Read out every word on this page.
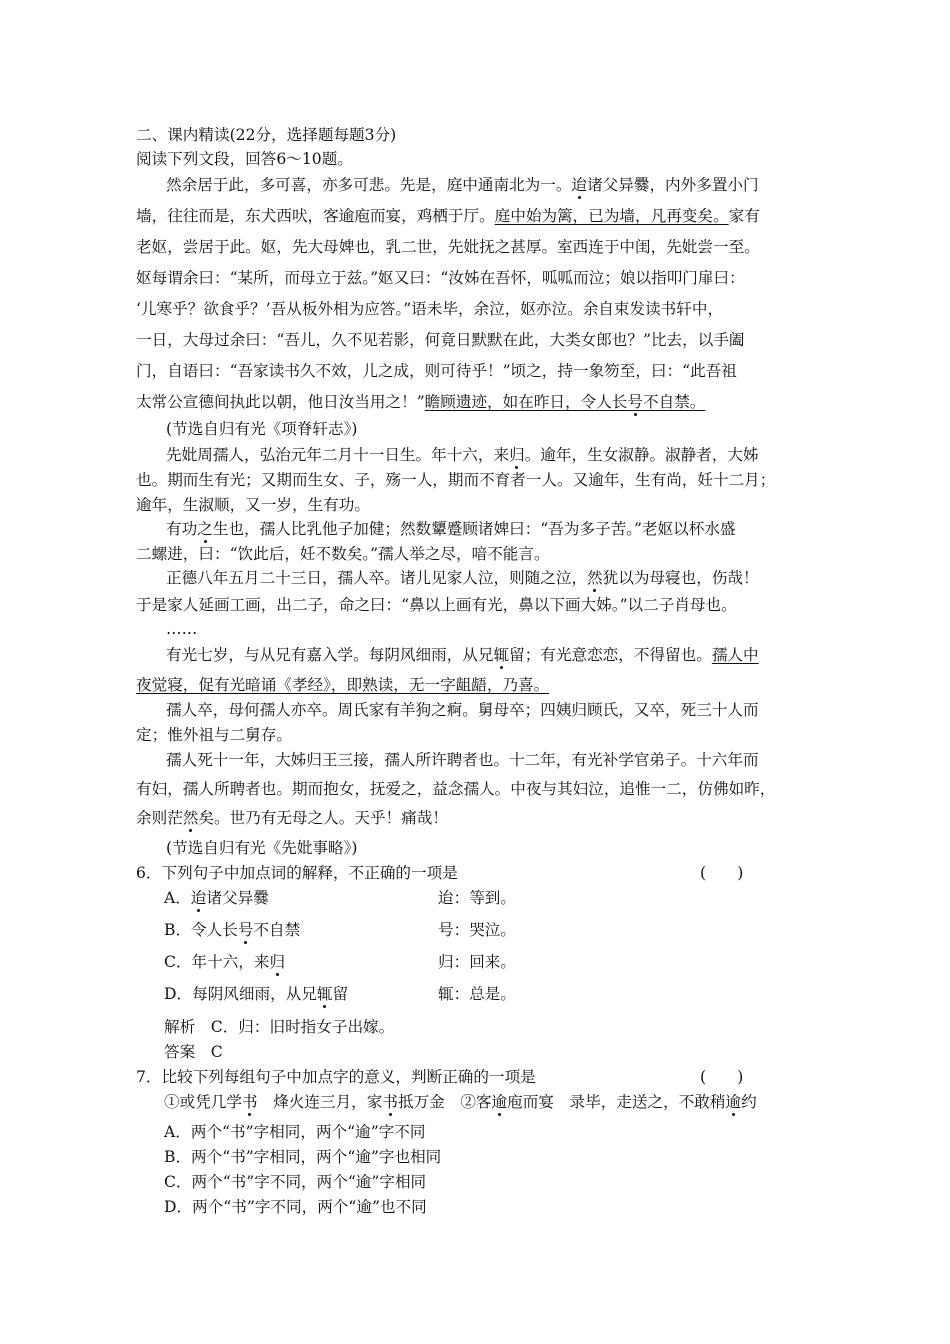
二、课内精读(22分，选择题每题3分)
阅读下列文段，回答6～10题。
然余居于此，多可喜，亦多可悲。先是，庭中通南北为一。迨诸父异爨，内外多置小门
墙，往往而是，东犬西吠，客逾庖而宴，鸡栖于厅。庭中始为篱，已为墙，凡再变矣。家有
老妪，尝居于此。妪，先大母婢也，乳二世，先妣抚之甚厚。室西连于中闺，先妣尝一至。
妪每谓余曰：“某所，而母立于兹。”妪又曰：“汝姊在吾怀，呱呱而泣；娘以指叩门扉曰：
‘儿寒乎？欲食乎？’吾从板外相为应答。”语未毕，余泣，妪亦泣。余自束发读书轩中，
一日，大母过余曰：“吾儿，久不见若影，何竟日默默在此，大类女郎也？”比去，以手阖
门，自语曰：“吾家读书久不效，儿之成，则可待乎！”顷之，持一象笏至，曰：“此吾祖
太常公宣德间执此以朝，他日汝当用之！”瞻顾遗迹，如在昨日，令人长号不自禁。
(节选自归有光《项脊轩志》)
先妣周孺人，弘治元年二月十一日生。年十六，来归。逾年，生女淑静。淑静者，大姊
也。期而生有光；又期而生女、子，殇一人，期而不育者一人。又逾年，生有尚，妊十二月；
逾年，生淑顺，又一岁，生有功。
有功之生也，孺人比乳他子加健；然数顰蹙顾诸婢曰：“吾为多子苦。”老妪以杯水盛
二螺进，曰：“饮此后，妊不数矣。”孺人举之尽，喑不能言。
正德八年五月二十三日，孺人卒。诸儿见家人泣，则随之泣，然犹以为母寝也，伤哉！
于是家人延画工画，出二子，命之曰：“鼻以上画有光，鼻以下画大姊。”以二子肖母也。
……
有光七岁，与从兄有嘉入学。每阴风细雨，从兄辄留；有光意恋恋，不得留也。孺人中
夜觉寝，促有光暗诵《孝经》，即熟读，无一字龃龉，乃喜。
孺人卒，母何孺人亦卒。周氏家有羊狗之痾。舅母卒；四姨归顾氏，又卒，死三十人而
定；惟外祖与二舅存。
孺人死十一年，大姊归王三接，孺人所许聘者也。十二年，有光补学官弟子。十六年而
有妇，孺人所聘者也。期而抱女，抚爱之，益念孺人。中夜与其妇泣，追惟一二，仿佛如昨，
余则茫然矣。世乃有无母之人。天乎！痛哉！
(节选自归有光《先妣事略》)
6．下列句子中加点词的解释，不正确的一项是	(　　)
A．迨诸父异爨	迨：等到。
B．令人长号不自禁	号：哭泣。
C．年十六，来归	归：回来。
D．每阴风细雨，从兄辄留	辄：总是。
解析　C．归：旧时指女子出嫁。
答案　C
7．比较下列每组句子中加点字的意义，判断正确的一项是	(　　)
①或凭几学书　烽火连三月，家书抵万金　②客逾庖而宴　录毕，走送之，不敢稍逾约
A．两个“书”字相同，两个“逾”字不同
B．两个“书”字相同，两个“逾”字也相同
C．两个“书”字不同，两个“逾”字相同
D．两个“书”字不同，两个“逾”也不同
